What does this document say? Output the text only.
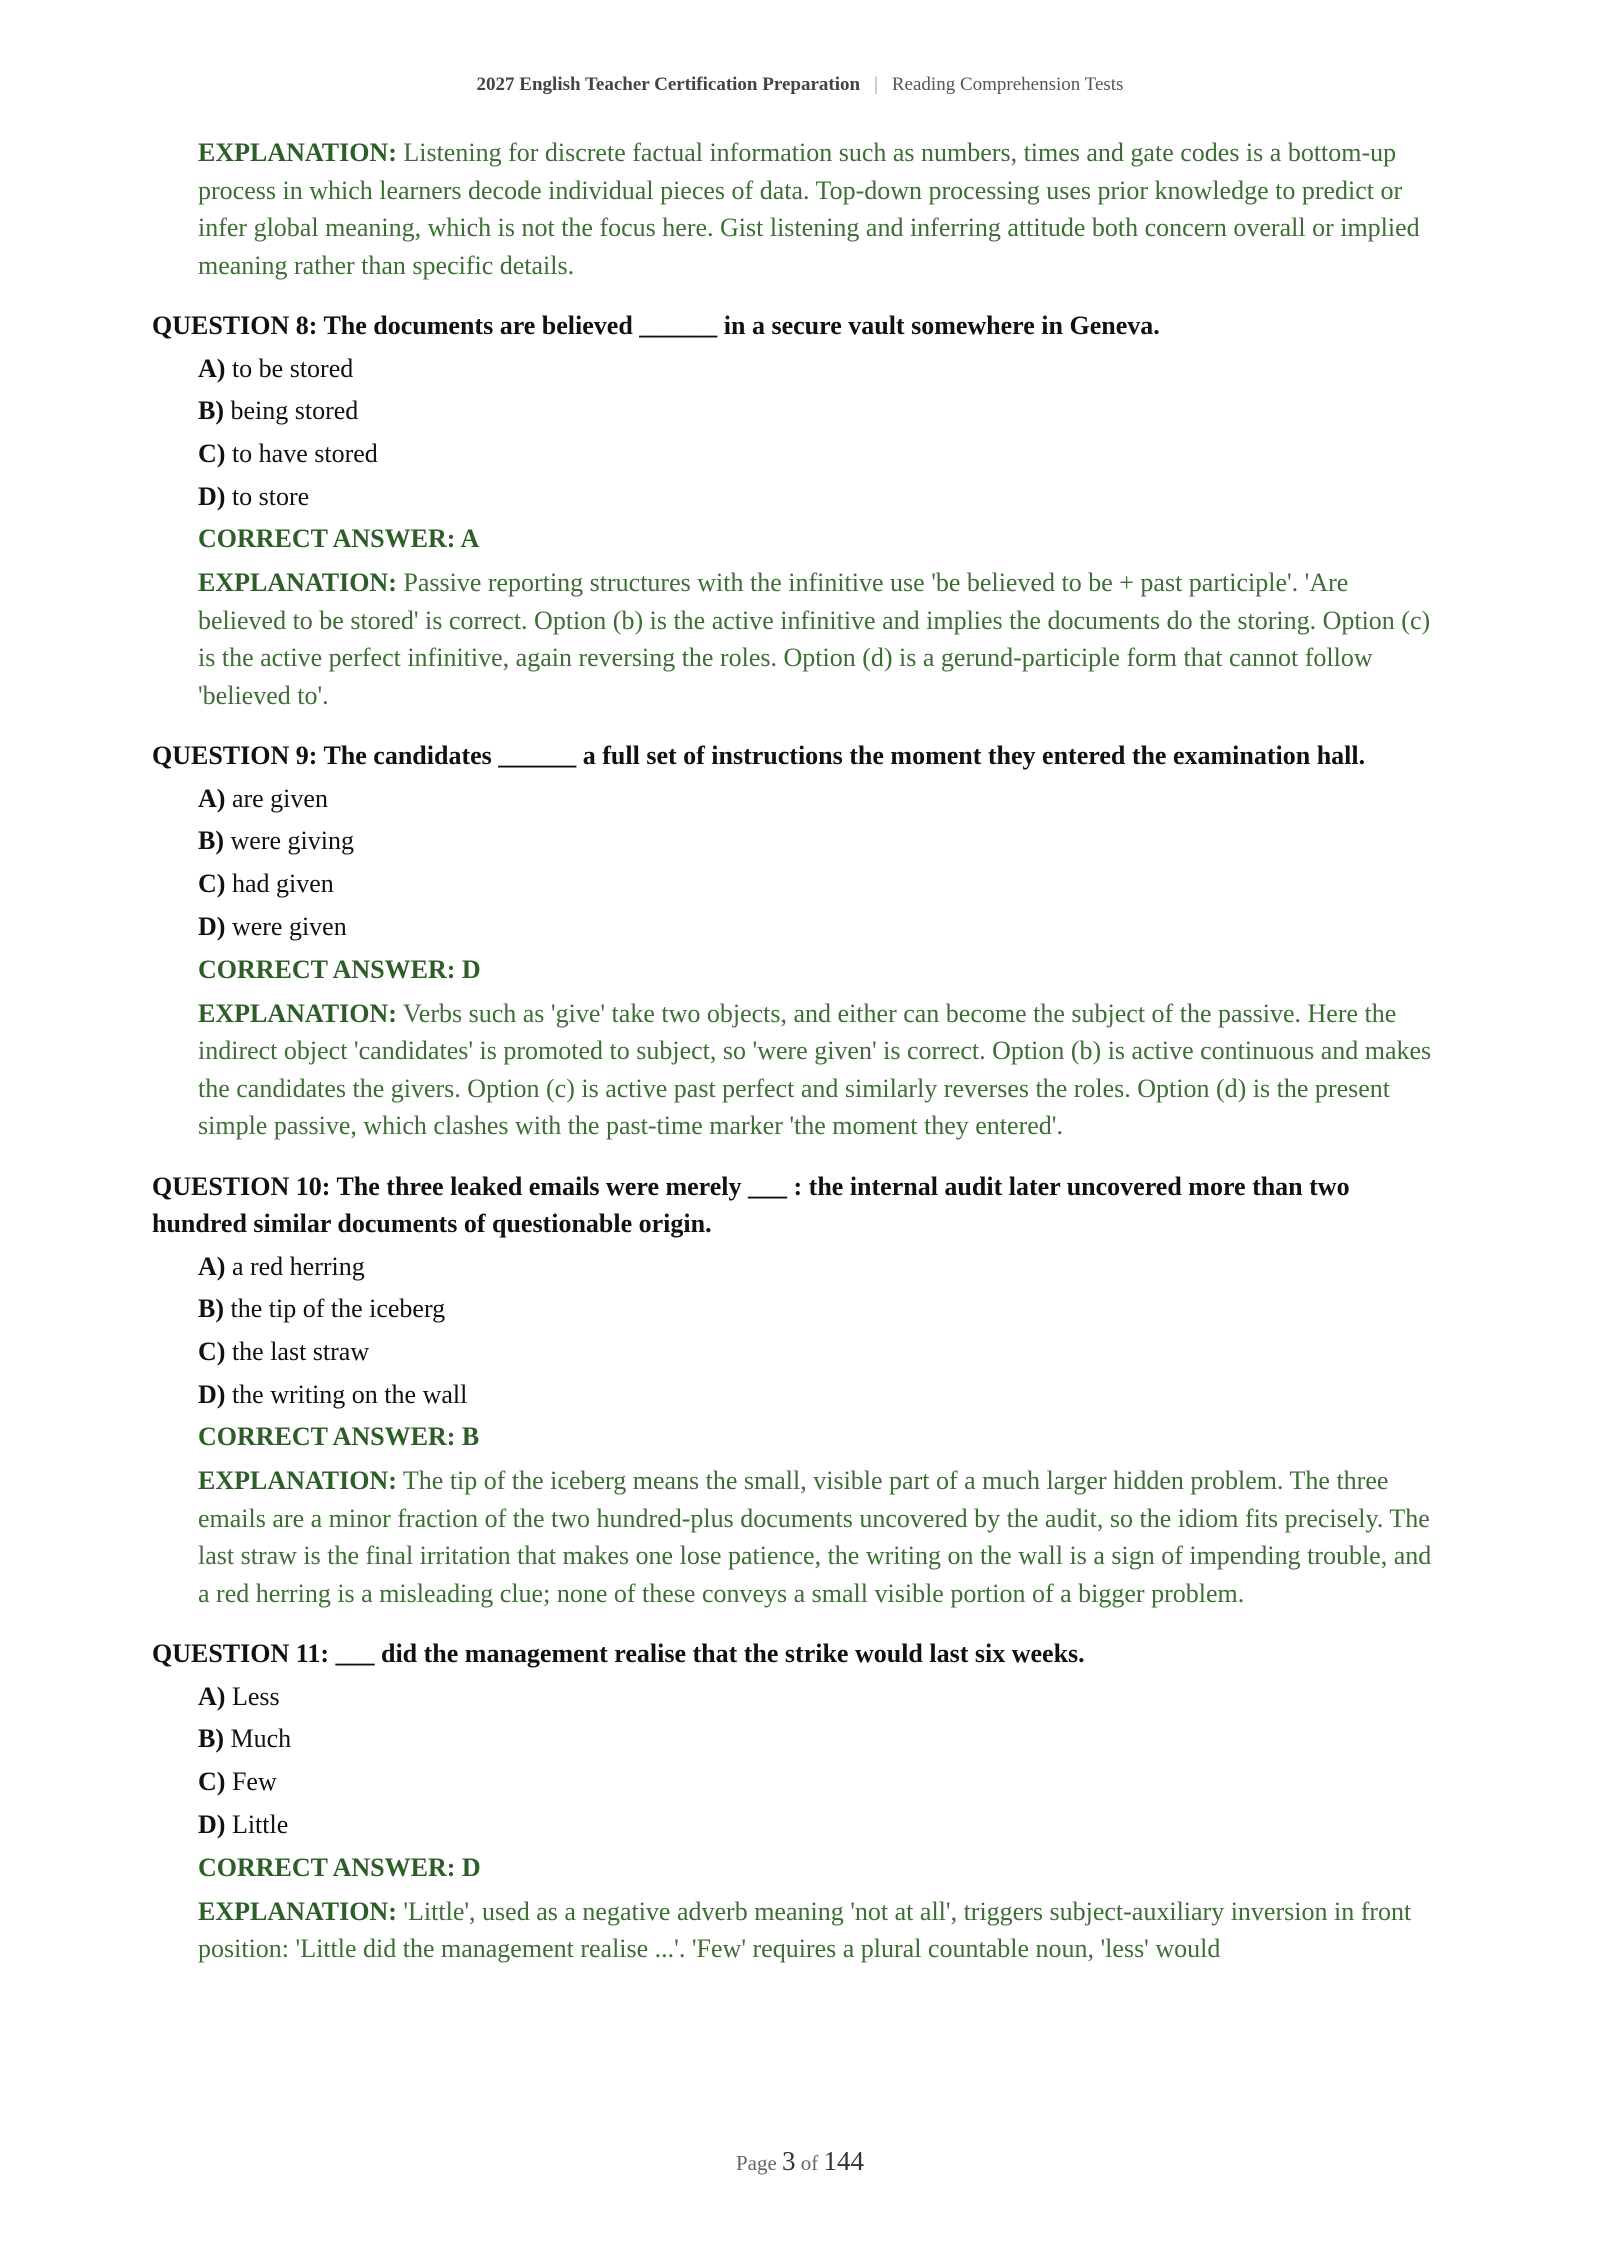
2027 English Teacher Certification Preparation | Reading Comprehension Tests

EXPLANATION: Listening for discrete factual information such as numbers, times and gate codes is a bottom-up process in which learners decode individual pieces of data. Top-down processing uses prior knowledge to predict or infer global meaning, which is not the focus here. Gist listening and inferring attitude both concern overall or implied meaning rather than specific details.

QUESTION 8: The documents are believed ______ in a secure vault somewhere in Geneva.
A) to be stored
B) being stored
C) to have stored
D) to store
CORRECT ANSWER: A

EXPLANATION: Passive reporting structures with the infinitive use 'be believed to be + past participle'. 'Are believed to be stored' is correct. Option (b) is the active infinitive and implies the documents do the storing. Option (c) is the active perfect infinitive, again reversing the roles. Option (d) is a gerund-participle form that cannot follow 'believed to'.

QUESTION 9: The candidates ______ a full set of instructions the moment they entered the examination hall.
A) are given
B) were giving
C) had given
D) were given
CORRECT ANSWER: D

EXPLANATION: Verbs such as 'give' take two objects, and either can become the subject of the passive. Here the indirect object 'candidates' is promoted to subject, so 'were given' is correct. Option (b) is active continuous and makes the candidates the givers. Option (c) is active past perfect and similarly reverses the roles. Option (d) is the present simple passive, which clashes with the past-time marker 'the moment they entered'.

QUESTION 10: The three leaked emails were merely ___ : the internal audit later uncovered more than two hundred similar documents of questionable origin.
A) a red herring
B) the tip of the iceberg
C) the last straw
D) the writing on the wall
CORRECT ANSWER: B

EXPLANATION: The tip of the iceberg means the small, visible part of a much larger hidden problem. The three emails are a minor fraction of the two hundred-plus documents uncovered by the audit, so the idiom fits precisely. The last straw is the final irritation that makes one lose patience, the writing on the wall is a sign of impending trouble, and a red herring is a misleading clue; none of these conveys a small visible portion of a bigger problem.

QUESTION 11: ___ did the management realise that the strike would last six weeks.
A) Less
B) Much
C) Few
D) Little
CORRECT ANSWER: D

EXPLANATION: 'Little', used as a negative adverb meaning 'not at all', triggers subject-auxiliary inversion in front position: 'Little did the management realise ...'. 'Few' requires a plural countable noun, 'less' would

Page 3 of 144
